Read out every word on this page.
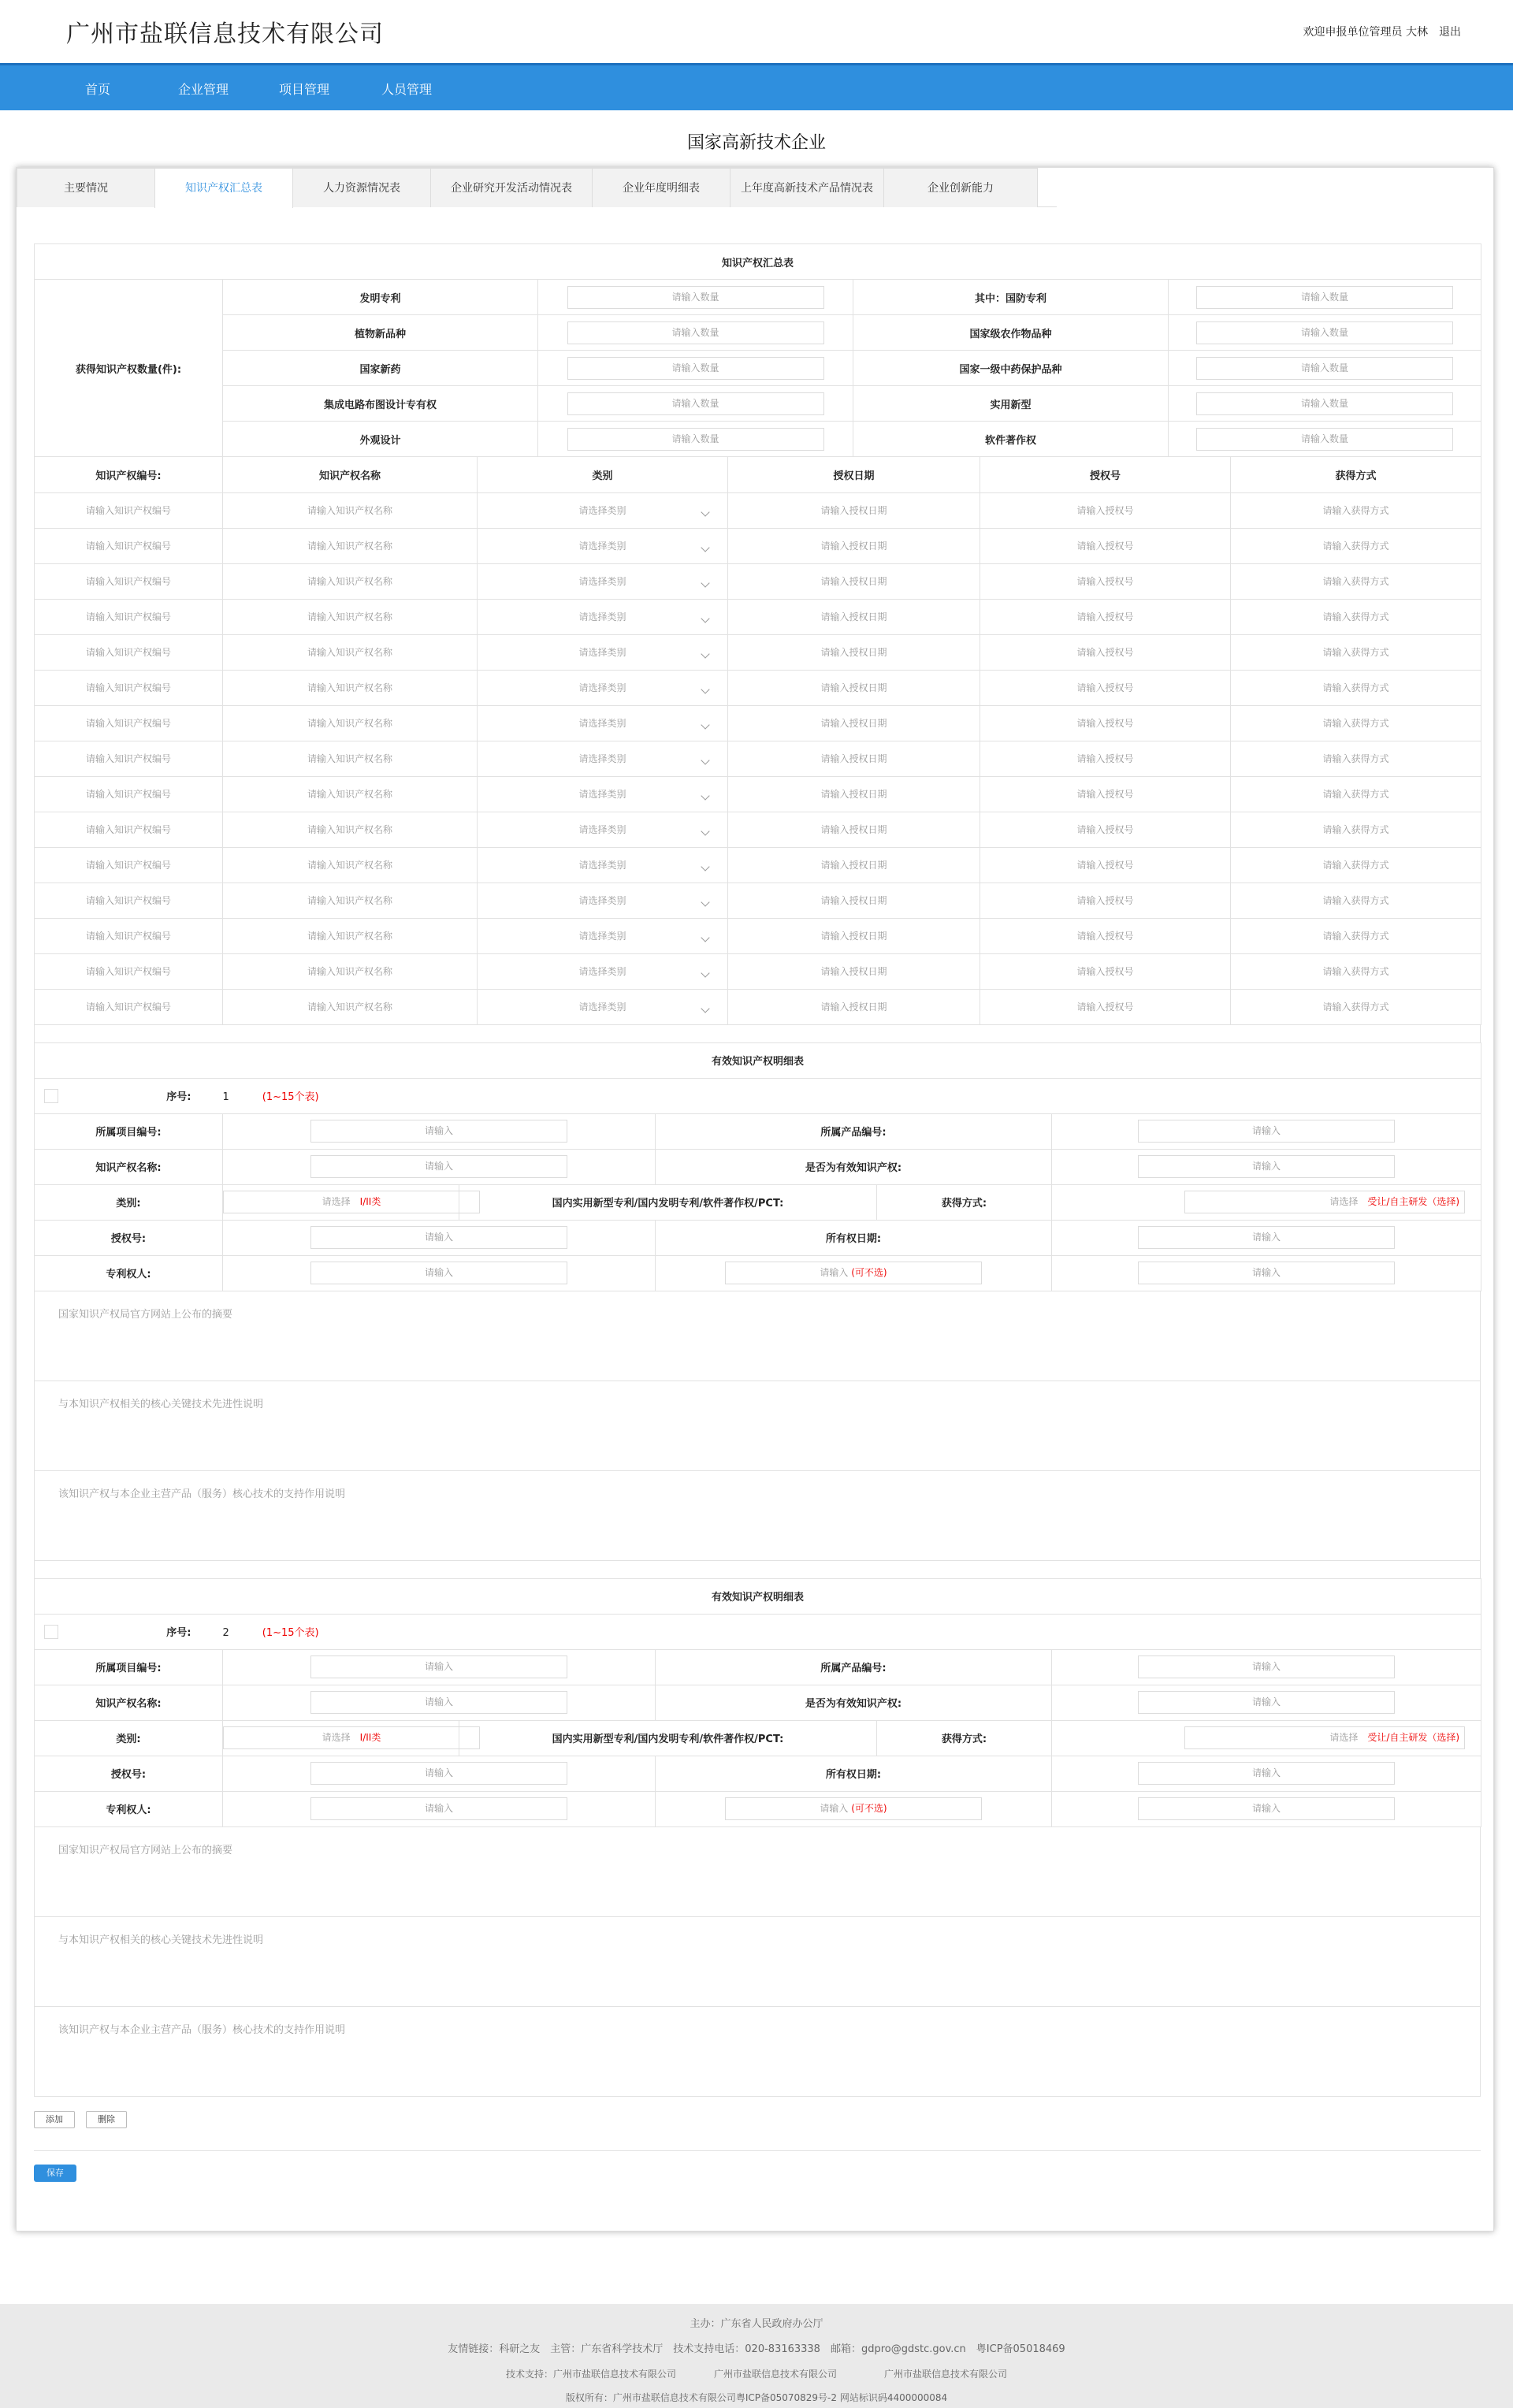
广州市盐联信息技术有限公司	欢迎申报单位管理员 大林 退出
首页	企业管理	项目管理	人员管理
国家高新技术企业
主要情况	知识产权汇总表	人力资源情况表	企业研究开发活动情况表	企业年度明细表	上年度高新技术产品情况表	企业创新能力
知识产权汇总表				
获得知识产权数量(件):	发明专利	请输入数量	其中：国防专利	请输入数量
	植物新品种	请输入数量	国家级农作物品种	请输入数量
	国家新药	请输入数量	国家一级中药保护品种	请输入数量
	集成电路布图设计专有权	请输入数量	实用新型	请输入数量
	外观设计	请输入数量	软件著作权	请输入数量
知识产权编号:	知识产权名称	类别	授权日期	授权号	获得方式
请输入知识产权编号	请输入知识产权名称	请选择类别	请输入授权日期	请输入授权号	请输入获得方式
请输入知识产权编号	请输入知识产权名称	请选择类别	请输入授权日期	请输入授权号	请输入获得方式
请输入知识产权编号	请输入知识产权名称	请选择类别	请输入授权日期	请输入授权号	请输入获得方式
请输入知识产权编号	请输入知识产权名称	请选择类别	请输入授权日期	请输入授权号	请输入获得方式
请输入知识产权编号	请输入知识产权名称	请选择类别	请输入授权日期	请输入授权号	请输入获得方式
请输入知识产权编号	请输入知识产权名称	请选择类别	请输入授权日期	请输入授权号	请输入获得方式
请输入知识产权编号	请输入知识产权名称	请选择类别	请输入授权日期	请输入授权号	请输入获得方式
请输入知识产权编号	请输入知识产权名称	请选择类别	请输入授权日期	请输入授权号	请输入获得方式
请输入知识产权编号	请输入知识产权名称	请选择类别	请输入授权日期	请输入授权号	请输入获得方式
请输入知识产权编号	请输入知识产权名称	请选择类别	请输入授权日期	请输入授权号	请输入获得方式
请输入知识产权编号	请输入知识产权名称	请选择类别	请输入授权日期	请输入授权号	请输入获得方式
请输入知识产权编号	请输入知识产权名称	请选择类别	请输入授权日期	请输入授权号	请输入获得方式
请输入知识产权编号	请输入知识产权名称	请选择类别	请输入授权日期	请输入授权号	请输入获得方式
请输入知识产权编号	请输入知识产权名称	请选择类别	请输入授权日期	请输入授权号	请输入获得方式
请输入知识产权编号	请输入知识产权名称	请选择类别	请输入授权日期	请输入授权号	请输入获得方式
有效知识产权明细表					

序号:	1 (1~15个表)				
所属项目编号:	请输入		所属产品编号:		请输入
知识产权名称:	请输入		是否为有效知识产权:		请输入
类别:	请选择　 I/II类	国内实用新型专利/国内发明专利/软件著作权/PCT:		获得方式:	请选择　 受让/自主研发（选择)
授权号:	请输入		所有权日期:		请输入
专利权人:	请输入		请输入 (可不选)		请输入
国家知识产权局官方网站上公布的摘要
与本知识产权相关的核心关键技术先进性说明
该知识产权与本企业主营产品（服务）核心技术的支持作用说明
有效知识产权明细表					

序号:	2 (1~15个表)				
所属项目编号:	请输入		所属产品编号:		请输入
知识产权名称:	请输入		是否为有效知识产权:		请输入
类别:	请选择　 I/II类	国内实用新型专利/国内发明专利/软件著作权/PCT:		获得方式:	请选择　 受让/自主研发（选择)
授权号:	请输入		所有权日期:		请输入
专利权人:	请输入		请输入 (可不选)		请输入
国家知识产权局官方网站上公布的摘要
与本知识产权相关的核心关键技术先进性说明
该知识产权与本企业主营产品（服务）核心技术的支持作用说明
添加	删除
保存
主办：广东省人民政府办公厅
友情链接：科研之友　主管：广东省科学技术厅　技术支持电话：020-83163338　邮箱：gdpro@gdstc.gov.cn　粤ICP备05018469
技术支持：广州市盐联信息技术有限公司　　　　广州市盐联信息技术有限公司　　　　　广州市盐联信息技术有限公司
版权所有：广州市盐联信息技术有限公司粤ICP备05070829号-2 网站标识码4400000084
